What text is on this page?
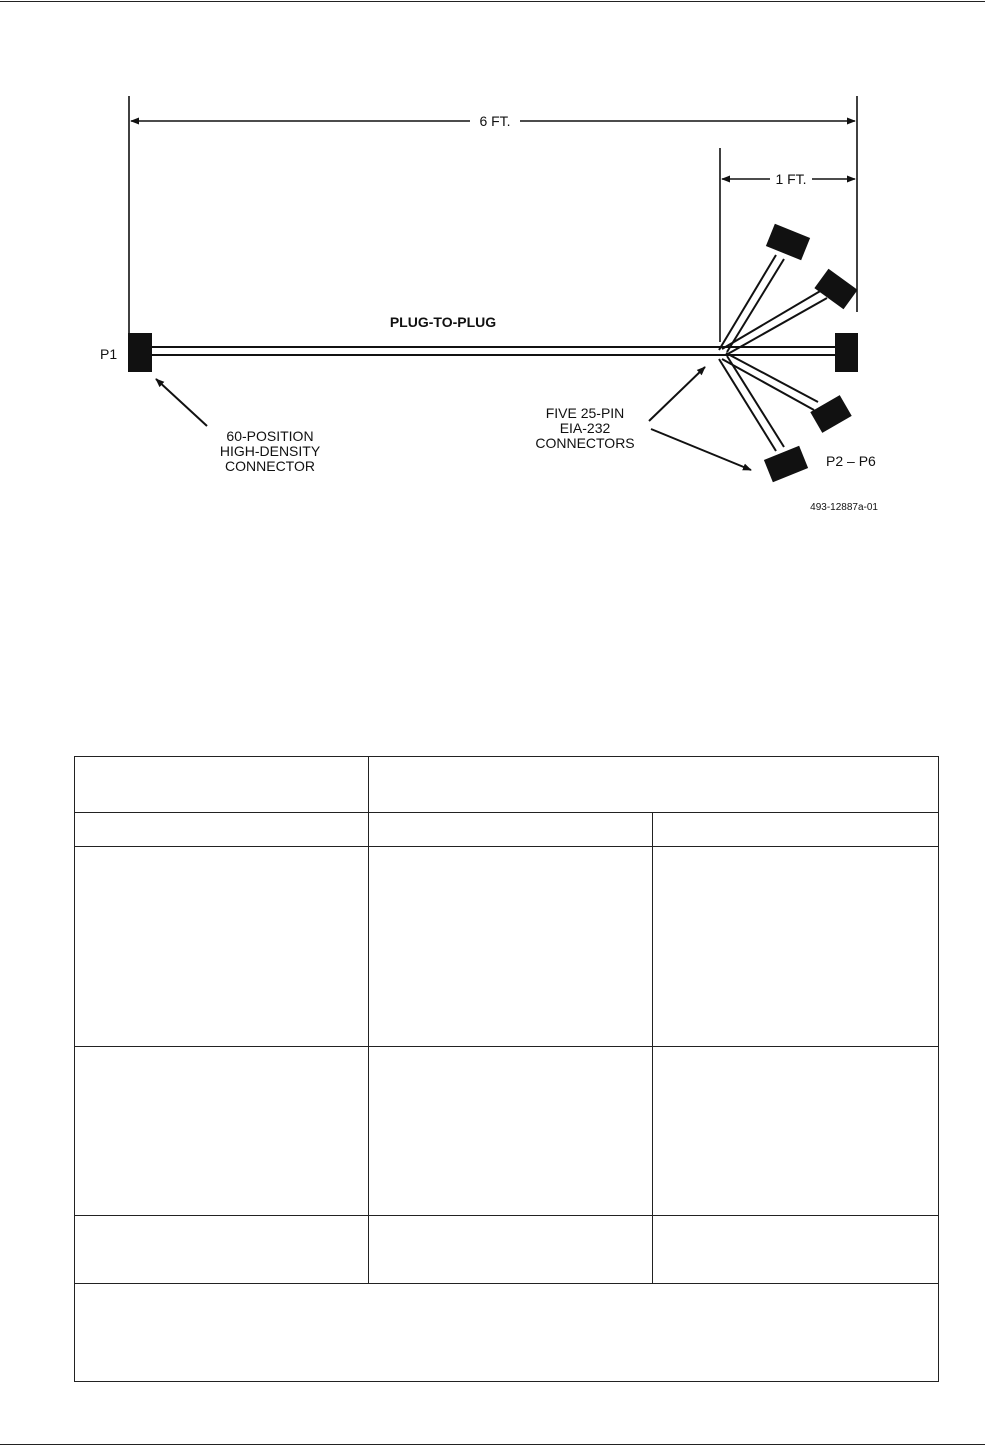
6 FT.
1 FT.
PLUG-TO-PLUG
P1
60-POSITION
HIGH-DENSITY
CONNECTOR
FIVE 25-PIN
EIA-232
CONNECTORS
P2 – P6
493-12887a-01
